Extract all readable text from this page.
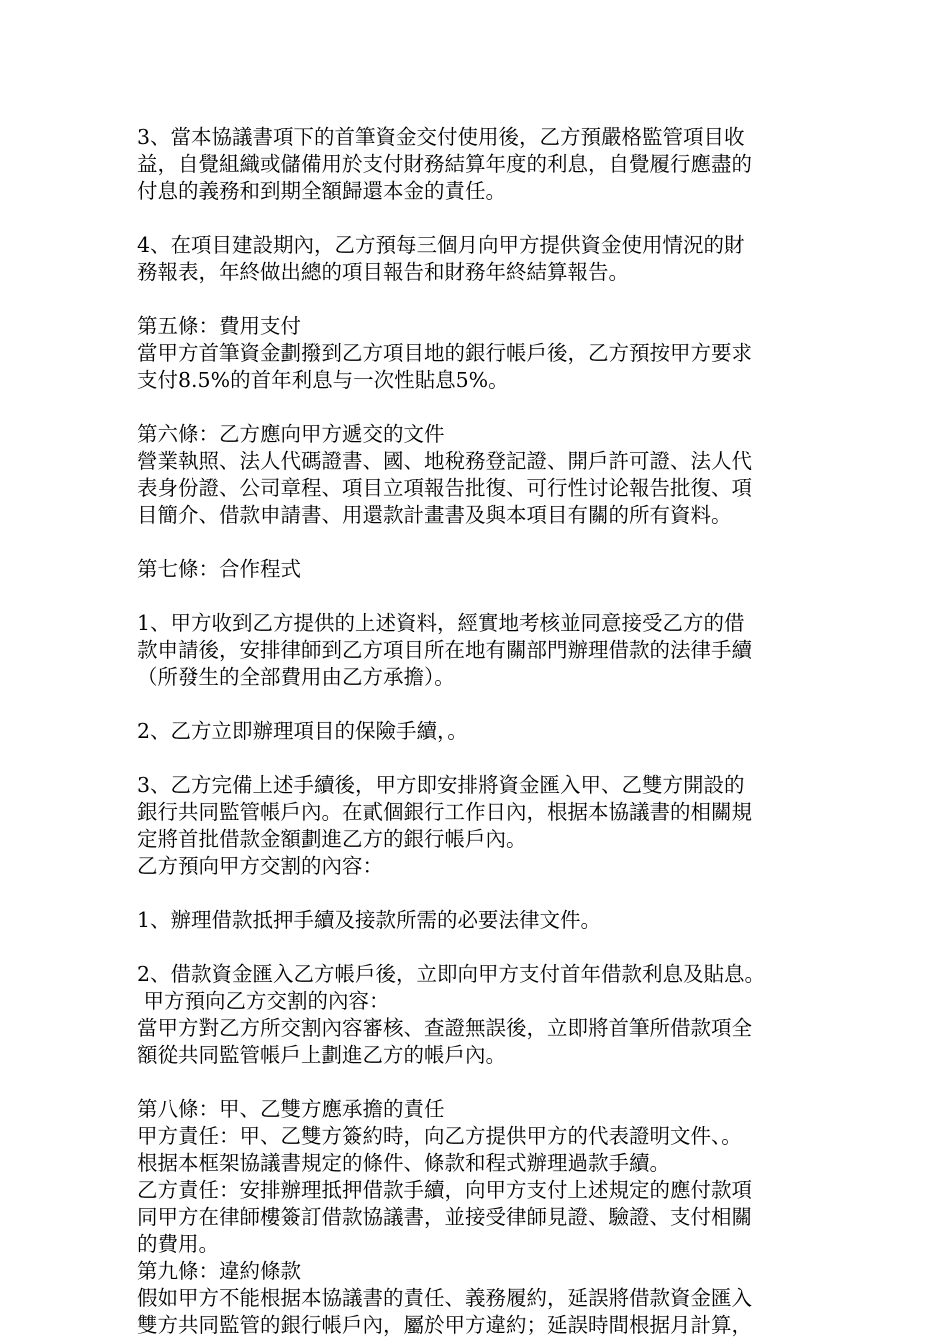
3、當本協議書項下的首筆資金交付使用後，乙方預嚴格監管項目收
益，自覺組織或儲備用於支付財務結算年度的利息，自覺履行應盡的
付息的義務和到期全額歸還本金的責任。
4、在項目建設期內，乙方預每三個月向甲方提供資金使用情況的財
務報表，年終做出總的項目報告和財務年終結算報告。
第五條：費用支付
當甲方首筆資金劃撥到乙方項目地的銀行帳戶後，乙方預按甲方要求
支付8.5%的首年利息与一次性貼息5%。
第六條：乙方應向甲方遞交的文件
營業執照、法人代碼證書、國、地稅務登記證、開戶許可證、法人代
表身份證、公司章程、項目立項報告批復、可行性讨论報告批復、項
目簡介、借款申請書、用還款計畫書及與本項目有關的所有資料。
第七條：合作程式
1、甲方收到乙方提供的上述資料，經實地考核並同意接受乙方的借
款申請後，安排律師到乙方項目所在地有關部門辦理借款的法律手續
（所發生的全部費用由乙方承擔）。
2、乙方立即辦理項目的保險手續，。
3、乙方完備上述手續後，甲方即安排將資金匯入甲、乙雙方開設的
銀行共同監管帳戶內。在貳個銀行工作日內，根据本協議書的相關規
定將首批借款金額劃進乙方的銀行帳戶內。
乙方預向甲方交割的內容：
1、辦理借款抵押手續及接款所需的必要法律文件。
2、借款資金匯入乙方帳戶後，立即向甲方支付首年借款利息及貼息。
甲方預向乙方交割的內容：
當甲方對乙方所交割內容審核、查證無誤後，立即將首筆所借款項全
額從共同監管帳戶上劃進乙方的帳戶內。
第八條：甲、乙雙方應承擔的責任
甲方責任：甲、乙雙方簽約時，向乙方提供甲方的代表證明文件、。
根据本框架協議書規定的條件、條款和程式辦理過款手續。
乙方責任：安排辦理抵押借款手續，向甲方支付上述規定的應付款項
同甲方在律師樓簽訂借款協議書，並接受律師見證、驗證、支付相關
的費用。
第九條：違約條款
假如甲方不能根据本協議書的責任、義務履約，延誤將借款資金匯入
雙方共同監管的銀行帳戶內，屬於甲方違約；延誤時間根据月計算，
